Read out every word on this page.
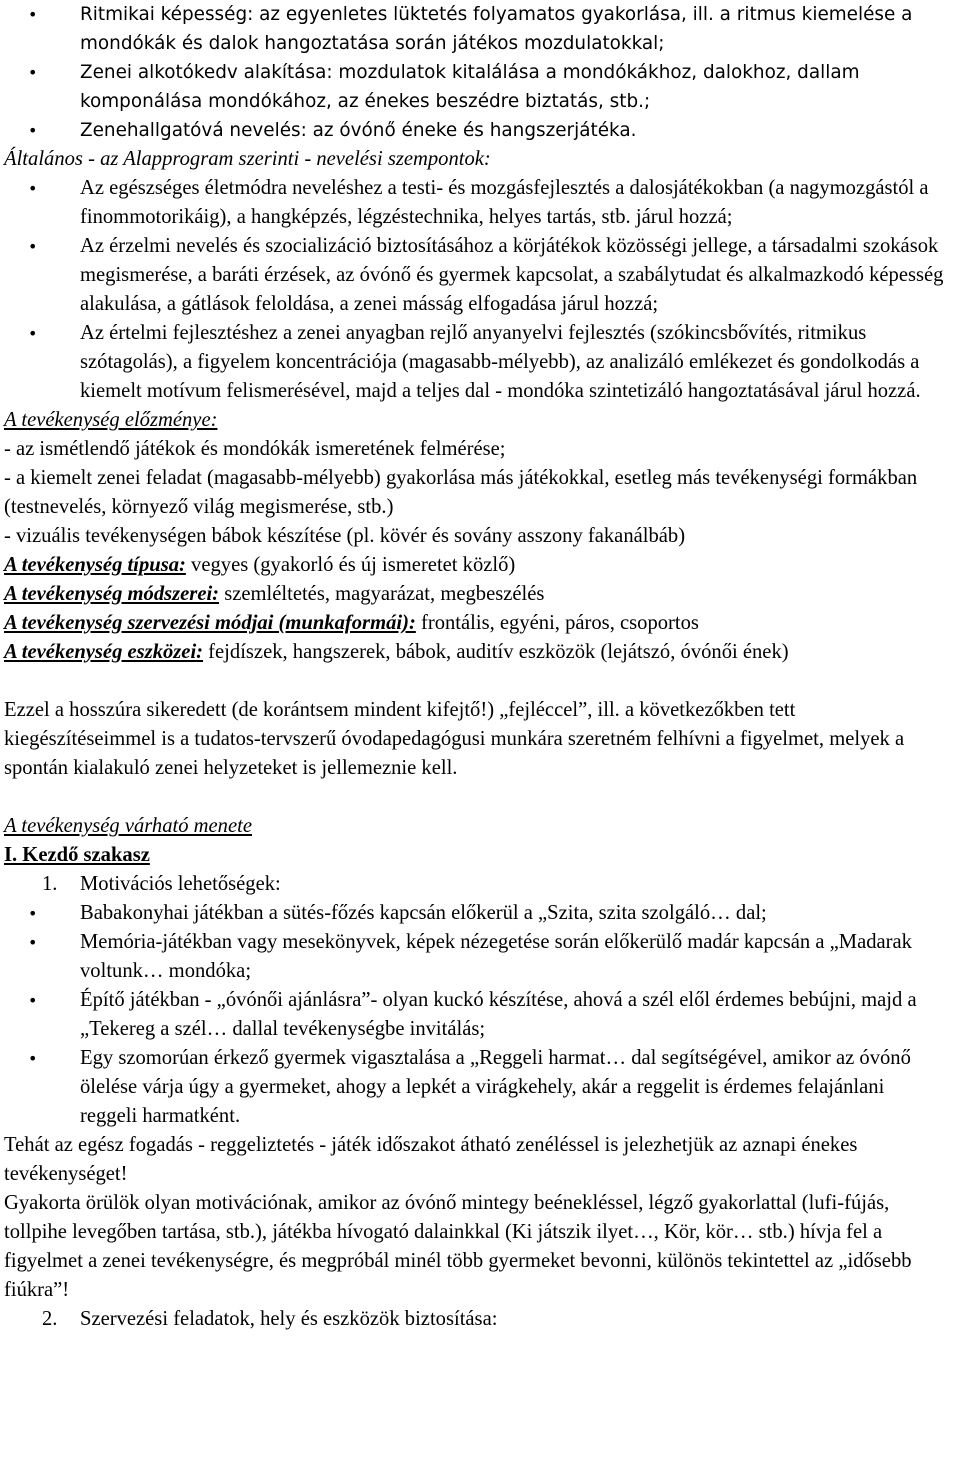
• Ritmikai képesség: az egyenletes lüktetés folyamatos gyakorlása, ill. a ritmus kiemelése a mondókák és dalok hangoztatása során játékos mozdulatokkal;
• Zenei alkotókedv alakítása: mozdulatok kitalálása a mondókákhoz, dalokhoz, dallam komponálása mondókához, az énekes beszédre biztatás, stb.;
• Zenehallgatóvá nevelés: az óvónő éneke és hangszerjátéka.

Általános - az Alapprogram szerinti - nevelési szempontok:

• Az egészséges életmódra neveléshez a testi- és mozgásfejlesztés a dalosjátékokban (a nagymozgástól a finommotorikáig), a hangképzés, légzéstechnika, helyes tartás, stb. járul hozzá;
• Az érzelmi nevelés és szocializáció biztosításához a körjátékok közösségi jellege, a társadalmi szokások megismerése, a baráti érzések, az óvónő és gyermek kapcsolat, a szabálytudat és alkalmazkodó képesség alakulása, a gátlások feloldása, a zenei másság elfogadása járul hozzá;
• Az értelmi fejlesztéshez a zenei anyagban rejlő anyanyelvi fejlesztés (szókincsbővítés, ritmikus szótagolás), a figyelem koncentrációja (magasabb-mélyebb), az analizáló emlékezet és gondolkodás a kiemelt motívum felismerésével, majd a teljes dal - mondóka szintetizáló hangoztatásával járul hozzá.

A tevékenység előzménye:

- az ismétlendő játékok és mondókák ismeretének felmérése;

- a kiemelt zenei feladat (magasabb-mélyebb) gyakorlása más játékokkal, esetleg más tevékenységi formákban (testnevelés, környező világ megismerése, stb.)

- vizuális tevékenységen bábok készítése (pl. kövér és sovány asszony fakanálbáb)

A tevékenység típusa: vegyes (gyakorló és új ismeretet közlő)

A tevékenység módszerei: szemléltetés, magyarázat, megbeszélés

A tevékenység szervezési módjai (munkaformái): frontális, egyéni, páros, csoportos

A tevékenység eszközei: fejdíszek, hangszerek, bábok, auditív eszközök (lejátszó, óvónői ének)

Ezzel a hosszúra sikeredett (de korántsem mindent kifejtő!) „fejléccel”, ill. a következőkben tett kiegészítéseimmel is a tudatos-tervszerű óvodapedagógusi munkára szeretném felhívni a figyelmet, melyek a spontán kialakuló zenei helyzeteket is jellemeznie kell.

A tevékenység várható menete

I. Kezdő szakasz

1. Motivációs lehetőségek:
• Babakonyhai játékban a sütés-főzés kapcsán előkerül a „Szita, szita szolgáló… dal;
• Memória-játékban vagy mesekönyvek, képek nézegetése során előkerülő madár kapcsán a „Madarak voltunk… mondóka;
• Építő játékban - „óvónői ajánlásra”- olyan kuckó készítése, ahová a szél elől érdemes bebújni, majd a „Tekereg a szél… dallal tevékenységbe invitálás;
• Egy szomorúan érkező gyermek vigasztalása a „Reggeli harmat… dal segítségével, amikor az óvónő ölelése várja úgy a gyermeket, ahogy a lepkét a virágkehely, akár a reggelit is érdemes felajánlani reggeli harmatként.

Tehát az egész fogadás - reggeliztetés - játék időszakot átható zenéléssel is jelezhetjük az aznapi énekes tevékenységet!

Gyakorta örülök olyan motivációnak, amikor az óvónő mintegy beénekléssel, légző gyakorlattal (lufi-fújás, tollpihe levegőben tartása, stb.), játékba hívogató dalainkkal (Ki játszik ilyet…, Kör, kör… stb.) hívja fel a figyelmet a zenei tevékenységre, és megpróbál minél több gyermeket bevonni, különös tekintettel az „idősebb fiúkra”!

2. Szervezési feladatok, hely és eszközök biztosítása:
